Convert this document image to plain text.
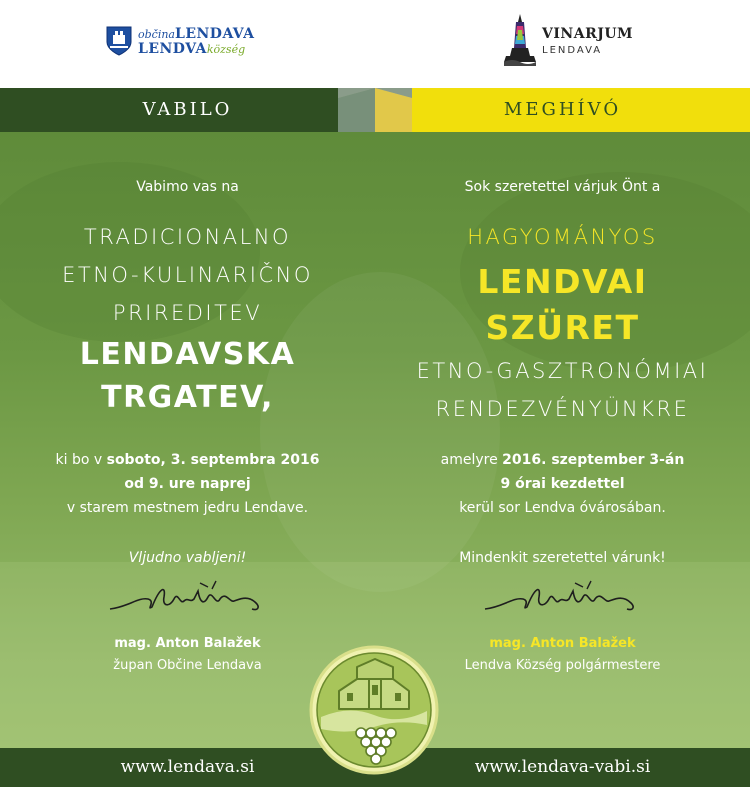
občinaLENDAVA
LENDVAközség
VINARJUM
LENDAVA
VABILO	MEGHÍVÓ
Vabimo vas na
TRADICIONALNO
ETNO-KULINARIČNO
PRIREDITEV
LENDAVSKA
TRGATEV,
ki bo v soboto, 3. septembra 2016
od 9. ure naprej
v starem mestnem jedru Lendave.
Vljudno vabljeni!
mag. Anton Balažek
župan Občine Lendava
Sok szeretettel várjuk Önt a
HAGYOMÁNYOS
LENDVAI
SZÜRET
ETNO-GASZTRONÓMIAI
RENDEZVÉNYÜNKRE
amelyre 2016. szeptember 3-án
9 órai kezdettel
kerül sor Lendva óvárosában.
Mindenkit szeretettel várunk!
mag. Anton Balažek
Lendva Község polgármestere
www.lendava.si	www.lendava-vabi.si
